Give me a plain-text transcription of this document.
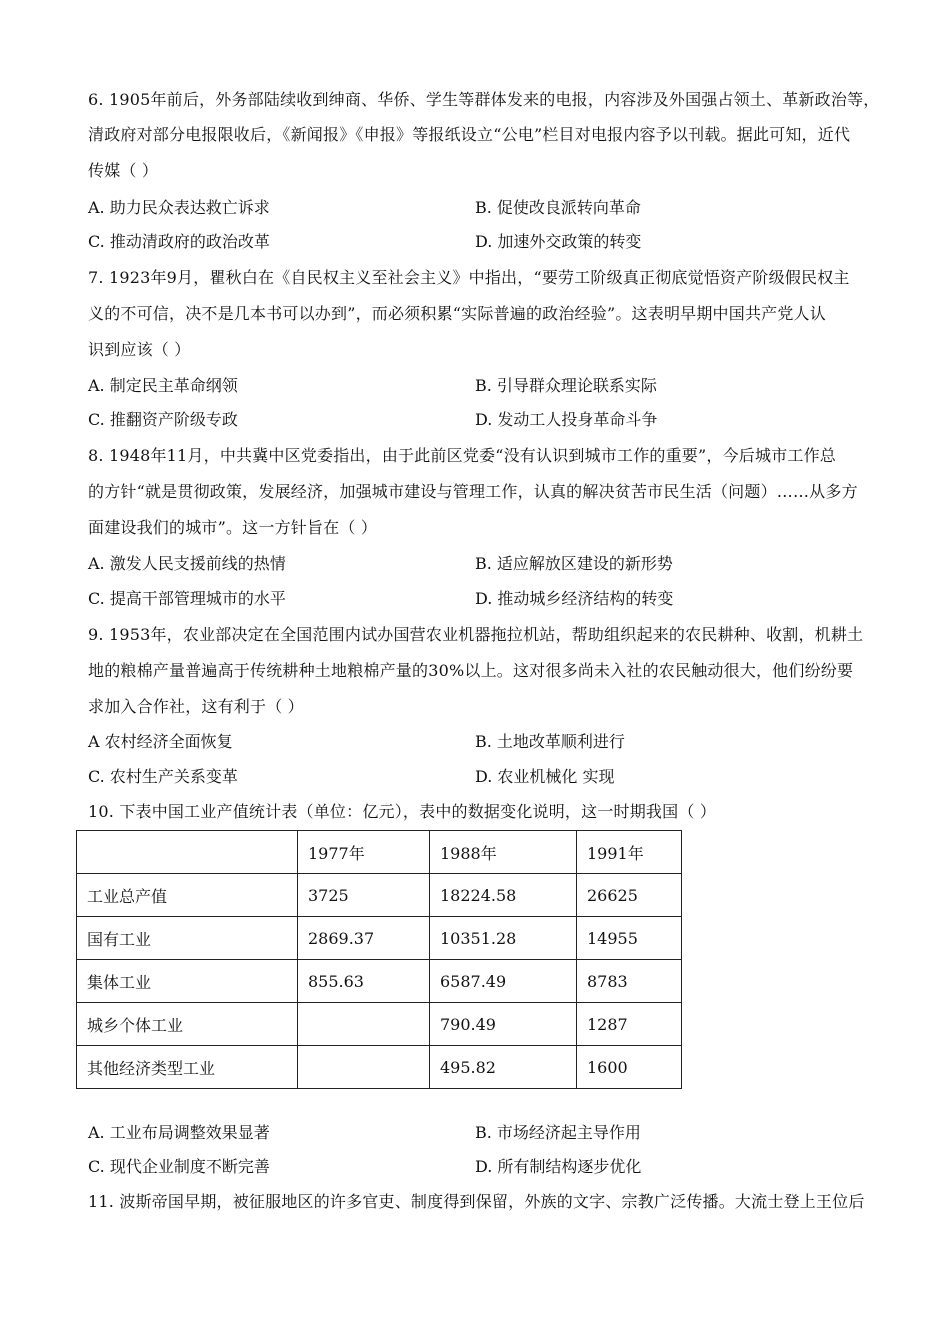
6. 1905年前后，外务部陆续收到绅商、华侨、学生等群体发来的电报，内容涉及外国强占领土、革新政治等，
清政府对部分电报限收后，《新闻报》《申报》等报纸设立“公电”栏目对电报内容予以刊载。据此可知，近代
传媒（ ）
A. 助力民众表达救亡诉求	B. 促使改良派转向革命
C. 推动清政府的政治改革	D. 加速外交政策的转变
7. 1923年9月，瞿秋白在《自民权主义至社会主义》中指出，“要劳工阶级真正彻底觉悟资产阶级假民权主
义的不可信，决不是几本书可以办到”，而必须积累“实际普遍的政治经验”。这表明早期中国共产党人认
识到应该（ ）
A. 制定民主革命纲领	B. 引导群众理论联系实际
C. 推翻资产阶级专政	D. 发动工人投身革命斗争
8. 1948年11月，中共冀中区党委指出，由于此前区党委“没有认识到城市工作的重要”，今后城市工作总
的方针“就是贯彻政策，发展经济，加强城市建设与管理工作，认真的解决贫苦市民生活（问题）……从多方
面建设我们的城市”。这一方针旨在（ ）
A. 激发人民支援前线的热情	B. 适应解放区建设的新形势
C. 提高干部管理城市的水平	D. 推动城乡经济结构的转变
9. 1953年，农业部决定在全国范围内试办国营农业机器拖拉机站，帮助组织起来的农民耕种、收割，机耕土
地的粮棉产量普遍高于传统耕种土地粮棉产量的30%以上。这对很多尚未入社的农民触动很大，他们纷纷要
求加入合作社，这有利于（ ）
A 农村经济全面恢复	B. 土地改革顺利进行
C. 农村生产关系变革	D. 农业机械化 实现
10. 下表中国工业产值统计表（单位：亿元），表中的数据变化说明，这一时期我国（ ）
	1977年	1988年	1991年
工业总产值	3725	18224.58	26625
国有工业	2869.37	10351.28	14955
集体工业	855.63	6587.49	8783
城乡个体工业		790.49	1287
其他经济类型工业		495.82	1600
A. 工业布局调整效果显著	B. 市场经济起主导作用
C. 现代企业制度不断完善	D. 所有制结构逐步优化
11. 波斯帝国早期，被征服地区的许多官吏、制度得到保留，外族的文字、宗教广泛传播。大流士登上王位后
